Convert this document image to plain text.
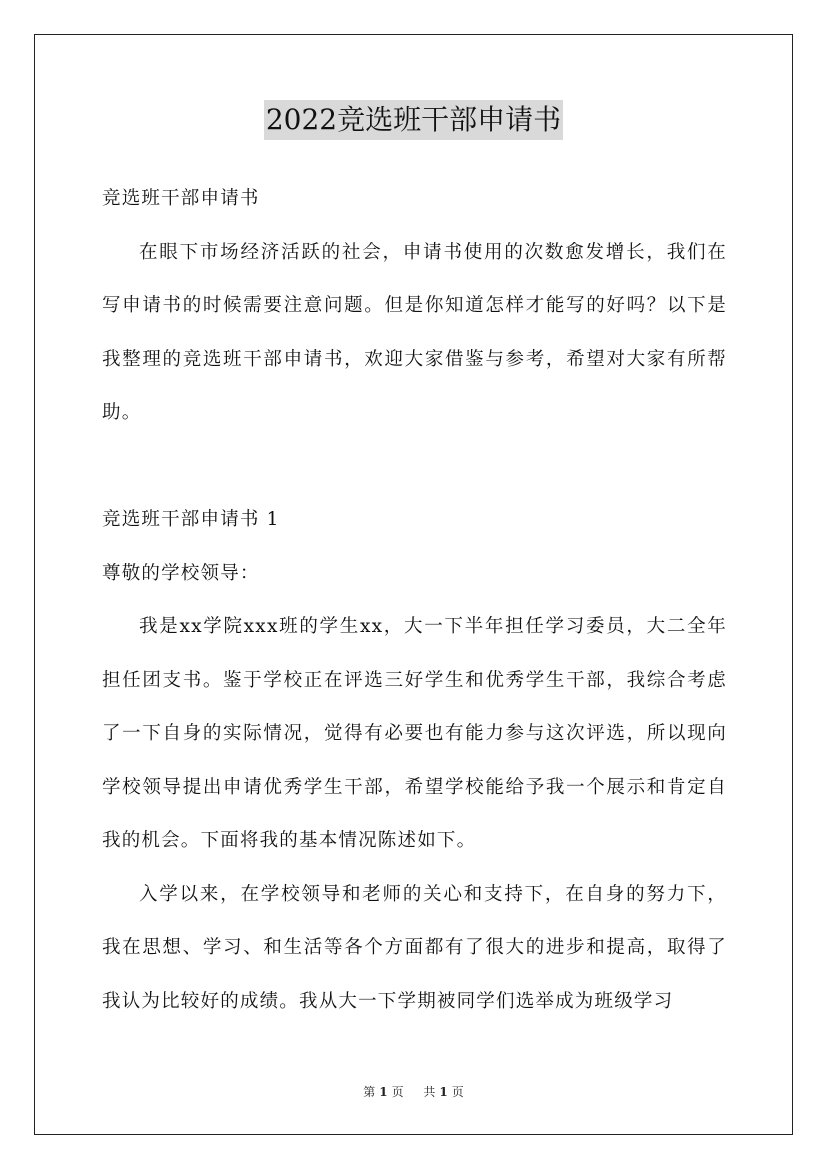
2022竞选班干部申请书

竞选班干部申请书

在眼下市场经济活跃的社会，申请书使用的次数愈发增长，我们在写申请书的时候需要注意问题。但是你知道怎样才能写的好吗？以下是我整理的竞选班干部申请书，欢迎大家借鉴与参考，希望对大家有所帮助。

竞选班干部申请书 1

尊敬的学校领导：

我是xx学院xxx班的学生xx，大一下半年担任学习委员，大二全年担任团支书。鉴于学校正在评选三好学生和优秀学生干部，我综合考虑了一下自身的实际情况，觉得有必要也有能力参与这次评选，所以现向学校领导提出申请优秀学生干部，希望学校能给予我一个展示和肯定自我的机会。下面将我的基本情况陈述如下。

入学以来，在学校领导和老师的关心和支持下，在自身的努力下，我在思想、学习、和生活等各个方面都有了很大的进步和提高，取得了我认为比较好的成绩。我从大一下学期被同学们选举成为班级学习

第 1 页 共 1 页
